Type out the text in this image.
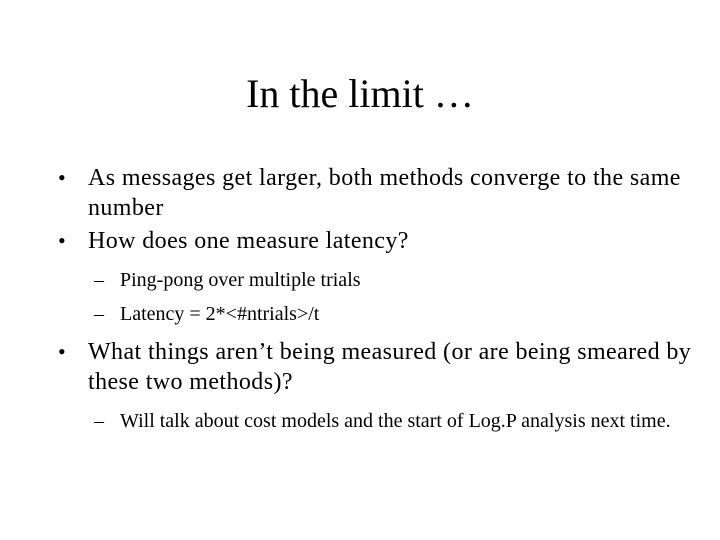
In the limit …
• As messages get larger, both methods converge to the same number
• How does one measure latency?
– Ping-pong over multiple trials
– Latency = 2*<#ntrials>/t
• What things aren’t being measured (or are being smeared by these two methods)?
– Will talk about cost models and the start of Log.P analysis next time.
